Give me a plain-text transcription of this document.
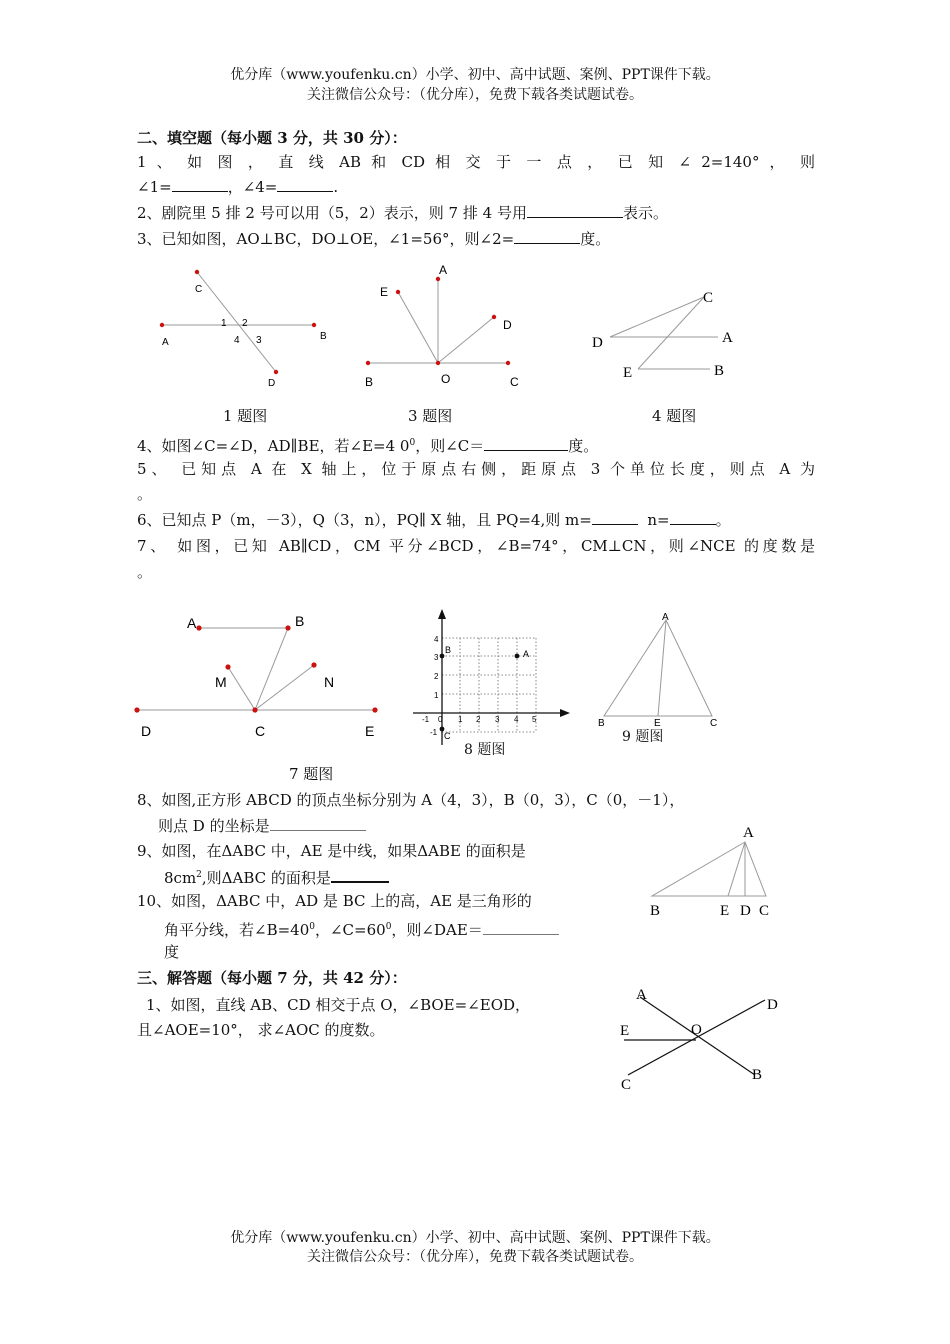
优分库（www.youfenku.cn）小学、初中、高中试题、案例、PPT课件下载。
关注微信公众号：（优分库），免费下载各类试题试卷。
二、填空题（每小题 3 分，共 30 分）：
1 、 如 图 ， 直 线 AB 和 CD 相 交 于 一 点 ， 已 知 ∠ 2=140° ， 则
∠1=	，∠4=	.
2、剧院里 5 排 2 号可以用（5，2）表示，则 7 排 4 号用	表示。
3、已知如图，AO⊥BC，DO⊥OE，∠1=56°，则∠2=	度。
C
A
B
D
1 2
3
4
A
E
D
B	O	C
C
D	A
E	B
1 题图	3 题图	4 题图
4、如图∠C=∠D，AD∥BE，若∠E=4 $0^0$，则∠C＝	度。
5、 已知点 A 在 X 轴上，位于原点右侧，距原点 3 个单位长度，则点 A 为
。
6、已知点 P（m，－3），Q（3，n），PQ∥ X 轴，且 PQ=4,则 m=	n=	。
7、 如图，已知 AB∥CD，CM 平分∠BCD，∠B=74°，CM⊥CN，则∠NCE 的度数是
。
A	B
M	N
D	C	E
B	A
C
4
3
2
1
-1
-1 0 1 2 3 4 5
8 题图
A
B	E	C
9 题图
7 题图
8、如图,正方形 ABCD 的顶点坐标分别为 A（4，3），B（0，3），C（0，－1），
则点 D 的坐标是
9、如图，在ΔABC 中，AE 是中线，如果ΔABE 的面积是
$8cm^2$,则ΔABC 的面积是
10、如图，ΔABC 中，AD 是 BC 上的高，AE 是三角形的
角平分线，若$\angle B=40^0$，$\angle C=60^0$，则∠DAE＝
度
A
B	E D C
三、解答题（每小题 7 分，共 42 分）：
1、如图，直线 AB、CD 相交于点 O，∠BOE=∠EOD，
且∠AOE=10°， 求∠AOC 的度数。
A
D
E	O
C
B
优分库（www.youfenku.cn）小学、初中、高中试题、案例、PPT课件下载。
关注微信公众号：（优分库），免费下载各类试题试卷。
